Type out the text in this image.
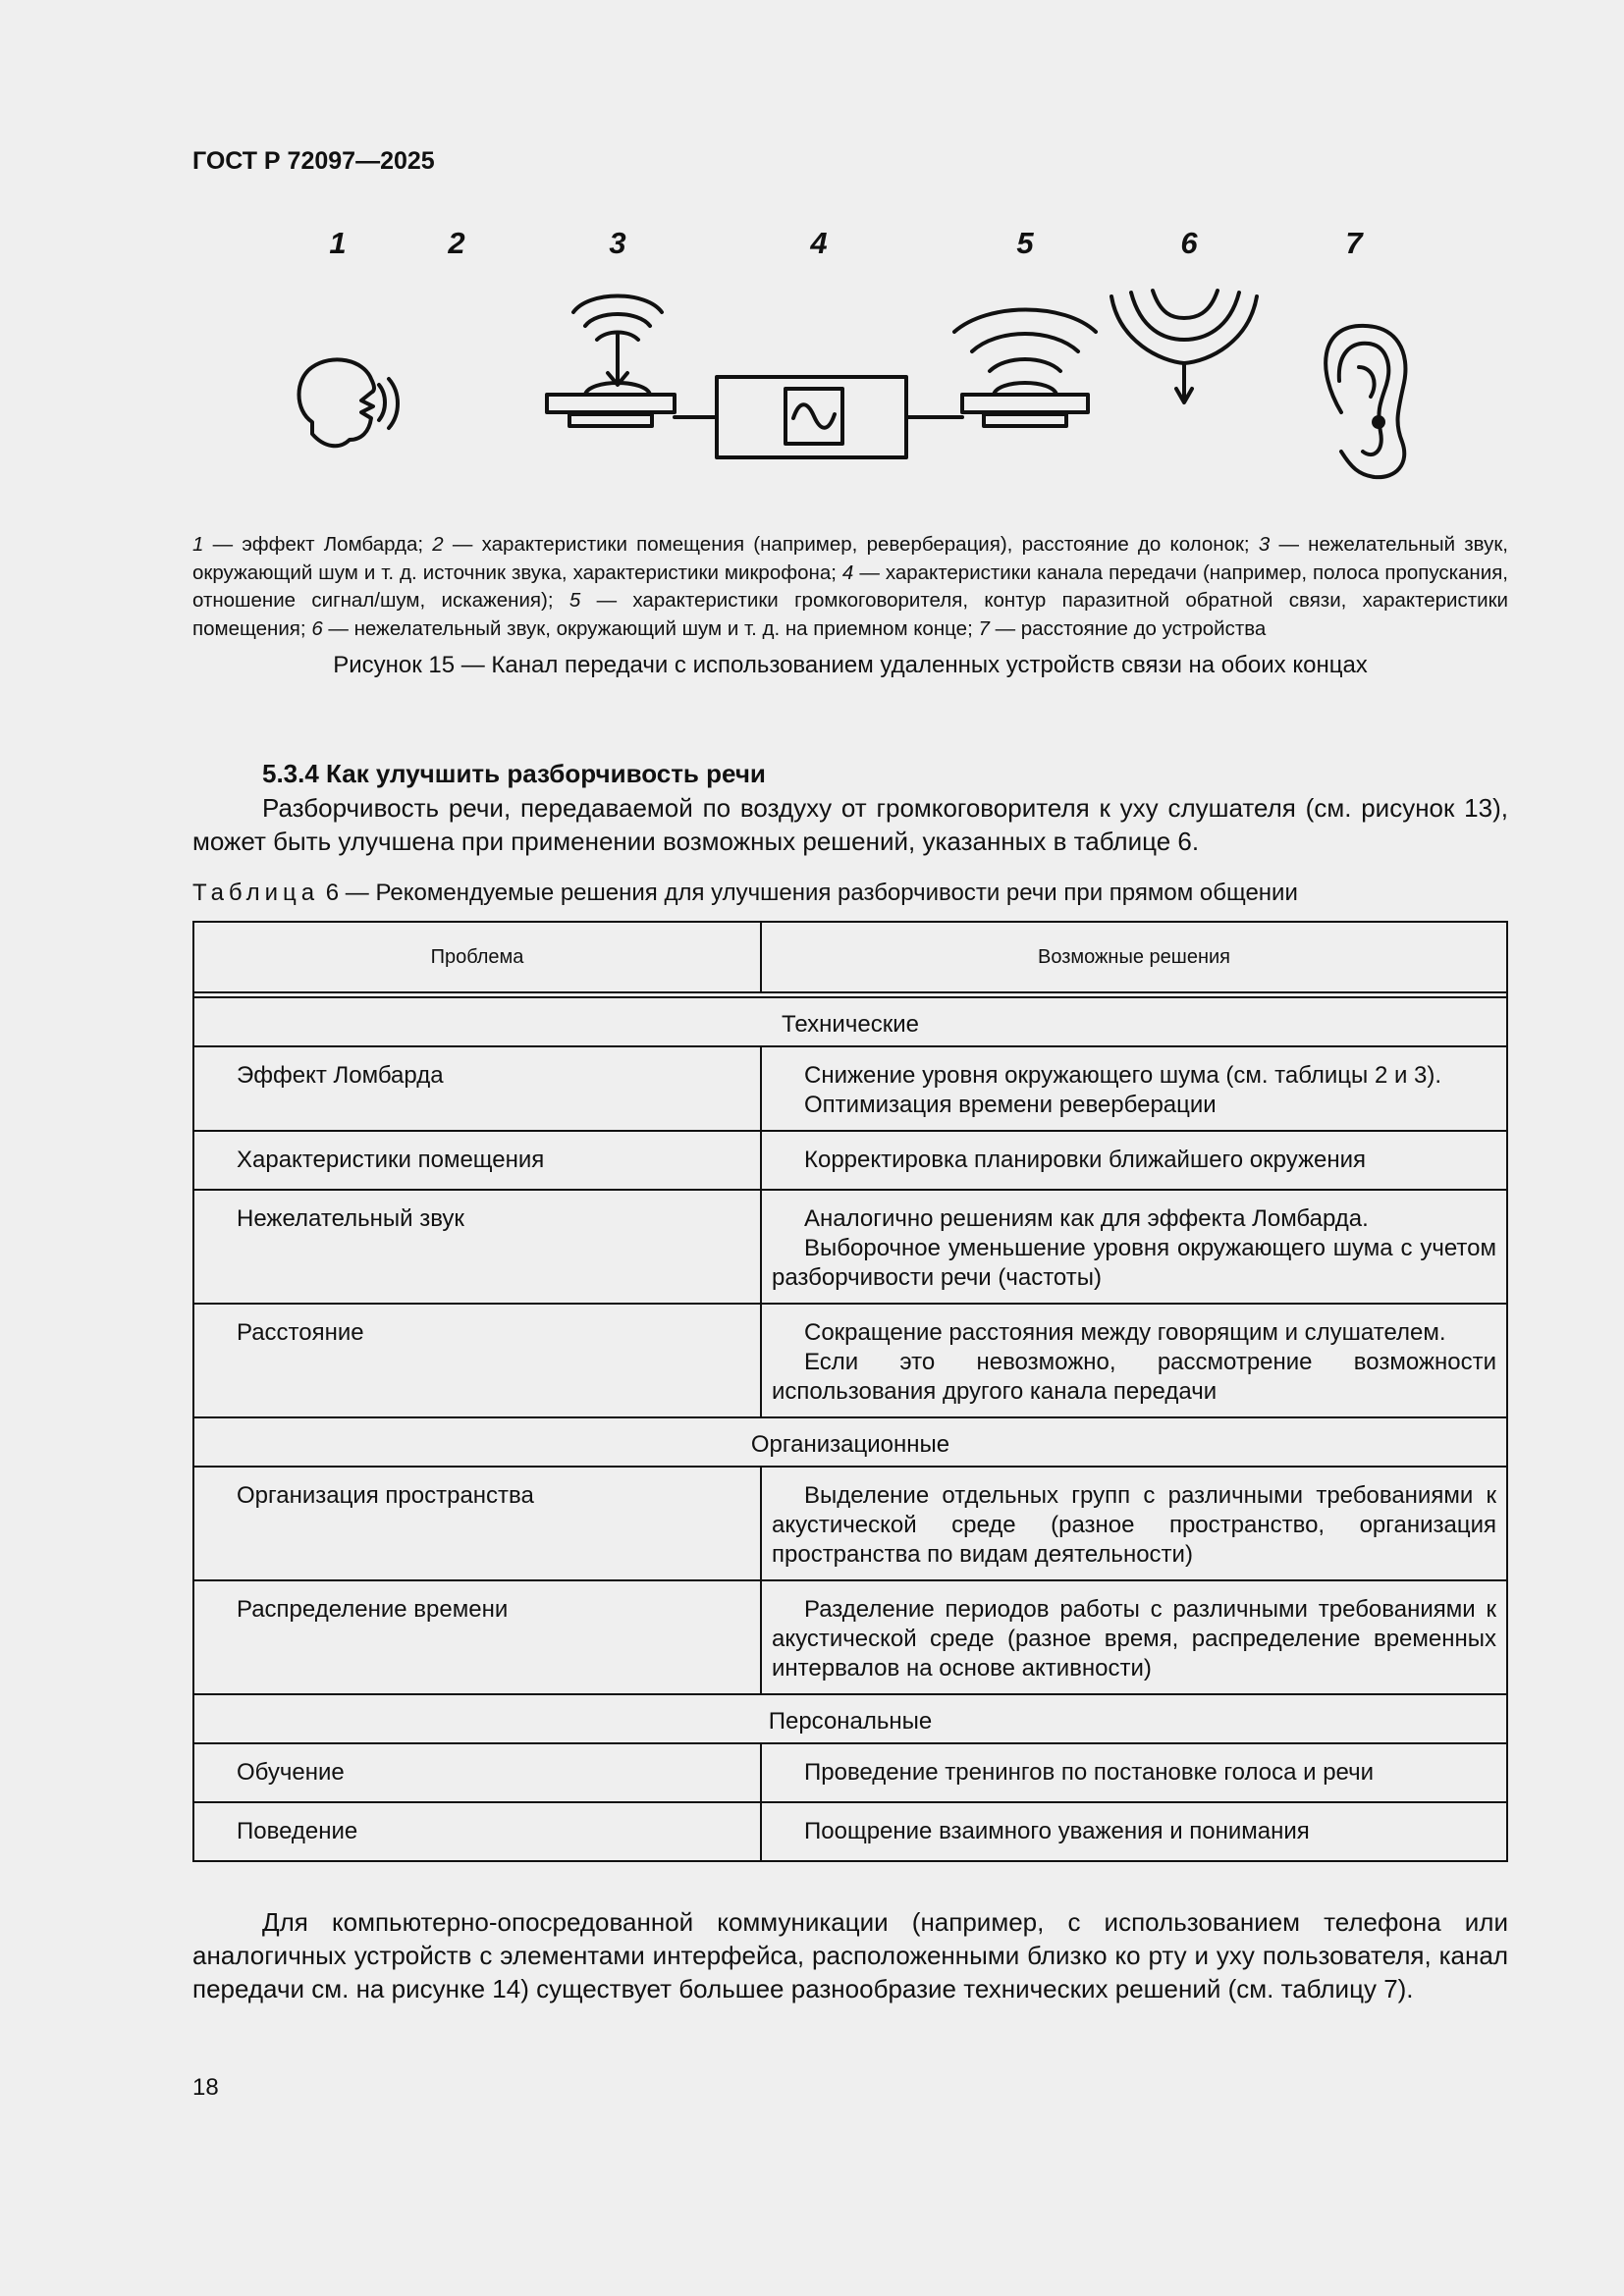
ГОСТ Р 72097—2025
1	2	3	4	5	6	7
1 — эффект Ломбарда; 2 — характеристики помещения (например, реверберация), расстояние до колонок; 3 — нежелательный звук, окружающий шум и т. д. источник звука, характеристики микрофона; 4 — характеристики канала передачи (например, полоса пропускания, отношение сигнал/шум, искажения); 5 — характеристики громкоговорителя, контур паразитной обратной связи, характеристики помещения; 6 — нежелательный звук, окружающий шум и т. д. на приемном конце; 7 — расстояние до устройства
Рисунок 15 — Канал передачи с использованием удаленных устройств связи на обоих концах
5.3.4 Как улучшить разборчивость речи

Разборчивость речи, передаваемой по воздуху от громкоговорителя к уху слушателя (см. рисунок 13), может быть улучшена при применении возможных решений, указанных в таблице 6.

Таблица 6 — Рекомендуемые решения для улучшения разборчивости речи при прямом общении
Проблема	Возможные решения

Технические	
Эффект Ломбарда	Снижение уровня окружающего шума (см. таблицы 2 и 3).

Оптимизация времени реверберации

Характеристики помещения	Корректировка планировки ближайшего окружения

Нежелательный звук	Аналогично решениям как для эффекта Ломбарда.

Выборочное уменьшение уровня окружающего шума с учетом разборчивости речи (частоты)

Расстояние	Сокращение расстояния между говорящим и слушателем.

Если это невозможно, рассмотрение возможности использования другого канала передачи

Организационные	
Организация пространства	Выделение отдельных групп с различными требованиями к акустической среде (разное пространство, организация пространства по видам деятельности)

Распределение времени	Разделение периодов работы с различными требованиями к акустической среде (разное время, распределение временных интервалов на основе активности)

Персональные	
Обучение	Проведение тренингов по постановке голоса и речи

Поведение	Поощрение взаимного уважения и понимания

Для компьютерно-опосредованной коммуникации (например, с использованием телефона или аналогичных устройств с элементами интерфейса, расположенными близко ко рту и уху пользователя, канал передачи см. на рисунке 14) существует большее разнообразие технических решений (см. таблицу 7).

18
